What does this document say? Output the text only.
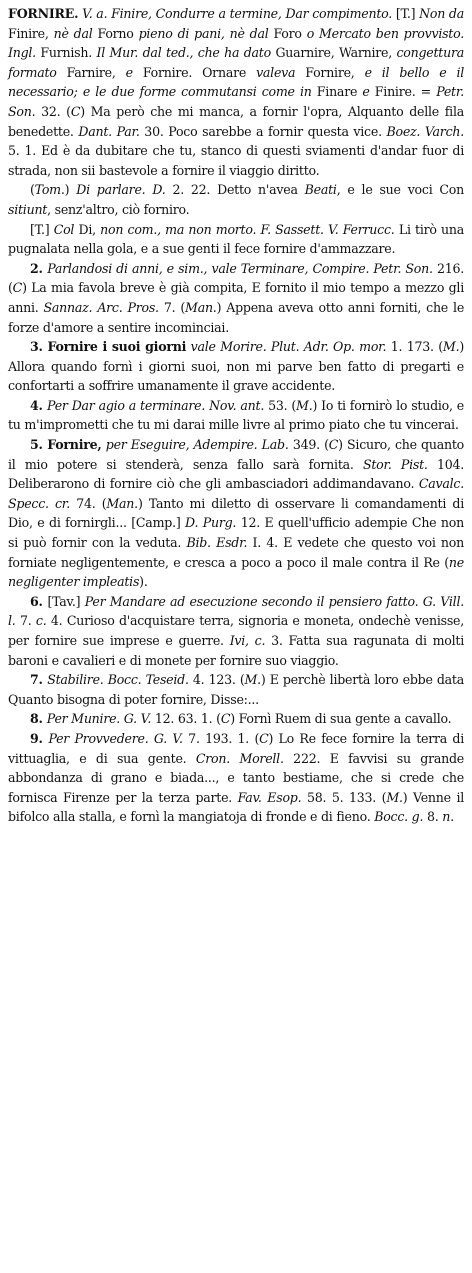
FORNIRE. V. a. Finire, Condurre a termine, Dar compimento. [T.] Non da Finire, nè dal Forno pieno di pani, nè dal Foro o Mercato ben provvisto. Ingl. Furnish. Il Mur. dal ted., che ha dato Guarnire, Warnire, congettura formato Farnire, e Fornire. Ornare valeva Fornire, e il bello e il necessario; e le due forme commutansi come in Finare e Finire. = Petr. Son. 32. (C) Ma però che mi manca, a fornir l'opra, Alquanto delle fila benedette. Dant. Par. 30. Poco sarebbe a fornir questa vice. Boez. Varch. 5. 1. Ed è da dubitare che tu, stanco di questi sviamenti d'andar fuor di strada, non sii bastevole a fornire il viaggio diritto.

(Tom.) Di parlare. D. 2. 22. Detto n'avea Beati, e le sue voci Con sitiunt, senz'altro, ciò forniro.

[T.] Col Di, non com., ma non morto. F. Sassett. V. Ferrucc. Li tirò una pugnalata nella gola, e a sue genti il fece fornire d'ammazzare.

2. Parlandosi di anni, e sim., vale Terminare, Compire. Petr. Son. 216. (C) La mia favola breve è già compita, E fornito il mio tempo a mezzo gli anni. Sannaz. Arc. Pros. 7. (Man.) Appena aveva otto anni forniti, che le forze d'amore a sentire incominciai.

3. Fornire i suoi giorni vale Morire. Plut. Adr. Op. mor. 1. 173. (M.) Allora quando fornì i giorni suoi, non mi parve ben fatto di pregarti e confortarti a soffrire umanamente il grave accidente.

4. Per Dar agio a terminare. Nov. ant. 53. (M.) Io ti fornirò lo studio, e tu m'imprometti che tu mi darai mille livre al primo piato che tu vincerai.

5. Fornire, per Eseguire, Adempire. Lab. 349. (C) Sicuro, che quanto il mio potere si stenderà, senza fallo sarà fornita. Stor. Pist. 104. Deliberarono di fornire ciò che gli ambasciadori addimandavano. Cavalc. Specc. cr. 74. (Man.) Tanto mi diletto di osservare li comandamenti di Dio, e di fornirgli... [Camp.] D. Purg. 12. E quell'ufficio adempie Che non si può fornir con la veduta. Bib. Esdr. I. 4. E vedete che questo voi non forniate negligentemente, e cresca a poco a poco il male contra il Re (ne negligenter impleatis).

6. [Tav.] Per Mandare ad esecuzione secondo il pensiero fatto. G. Vill. l. 7. c. 4. Curioso d'acquistare terra, signoria e moneta, ondechè venisse, per fornire sue imprese e guerre. Ivi, c. 3. Fatta sua ragunata di molti baroni e cavalieri e di monete per fornire suo viaggio.

7. Stabilire. Bocc. Teseid. 4. 123. (M.) E perchè libertà loro ebbe data Quanto bisogna di poter fornire, Disse:...

8. Per Munire. G. V. 12. 63. 1. (C) Fornì Ruem di sua gente a cavallo.

9. Per Provvedere. G. V. 7. 193. 1. (C) Lo Re fece fornire la terra di vittuaglia, e di sua gente. Cron. Morell. 222. E favvisi su grande abbondanza di grano e biada..., e tanto bestiame, che si crede che fornisca Firenze per la terza parte. Fav. Esop. 58. 5. 133. (M.) Venne il bifolco alla stalla, e fornì la mangiatoja di fronde e di fieno. Bocc. g. 8. n.
